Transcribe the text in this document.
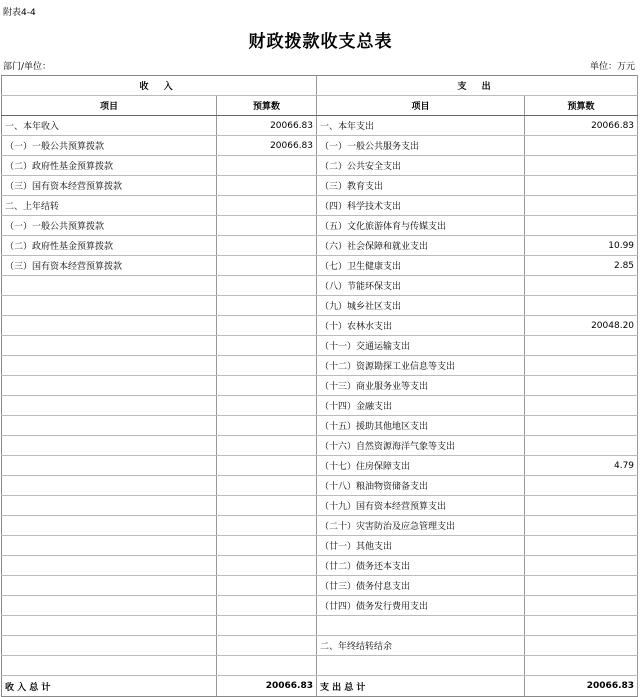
附表4-4
财政拨款收支总表
部门/单位：	单位：万元
收 入		支 出	
项目	预算数	项目	预算数
一、本年收入	20066.83	一、本年支出	20066.83
（一）一般公共预算拨款	20066.83	（一）一般公共服务支出	
（二）政府性基金预算拨款		（二）公共安全支出	
（三）国有资本经营预算拨款		（三）教育支出	
二、上年结转		（四）科学技术支出	
（一）一般公共预算拨款		（五）文化旅游体育与传媒支出	
（二）政府性基金预算拨款		（六）社会保障和就业支出	10.99
（三）国有资本经营预算拨款		（七）卫生健康支出	2.85
		（八）节能环保支出	
		（九）城乡社区支出	
		（十）农林水支出	20048.20
		（十一）交通运输支出	
		（十二）资源勘探工业信息等支出	
		（十三）商业服务业等支出	
		（十四）金融支出	
		（十五）援助其他地区支出	
		（十六）自然资源海洋气象等支出	
		（十七）住房保障支出	4.79
		（十八）粮油物资储备支出	
		（十九）国有资本经营预算支出	
		（二十）灾害防治及应急管理支出	
		（廿一）其他支出	
		（廿二）债务还本支出	
		（廿三）债务付息支出	
		（廿四）债务发行费用支出	

		二、年终结转结余	

收 入 总 计	20066.83	支 出 总 计	20066.83
